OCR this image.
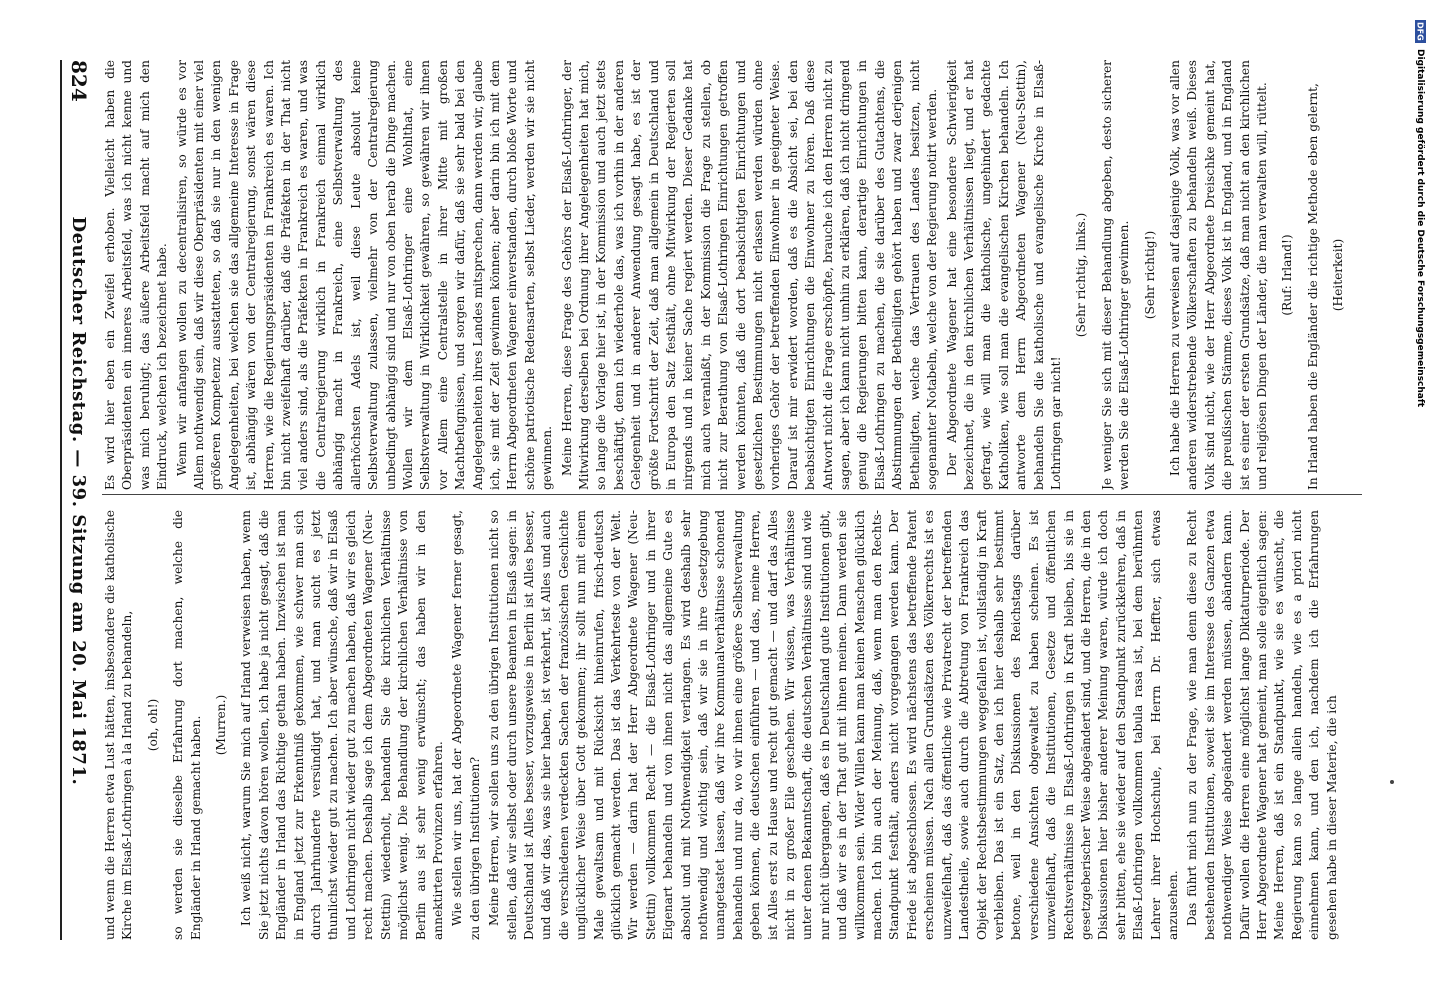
824
Deutscher Reichstag. — 39. Sitzung am 20. Mai 1871. Es wird hier eben ein Zweifel erhoben. Vielleicht haben die Oberpräsidenten ein inneres Arbeitsfeld, was ich nicht kenne und was mich beruhigt; das äußere Arbeitsfeld macht auf mich den Eindruck, welchen ich bezeichnet habe. Wenn wir anfangen wollen zu decentralisiren, so würde es vor Allem nothwendig sein, daß wir diese Oberpräsidenten mit einer viel größeren Kompetenz ausstatteten, so daß sie nur in den wenigen Angelegenheiten, bei welchen sie das allgemeine Interesse in Frage ist, abhängig wären von der Centralregierung, sonst wären diese Herren, wie die Regierungspräsidenten in Frankreich es waren. Ich bin nicht zweifelhaft darüber, daß die Präfekten in der That nicht viel anders sind, als die Präfekten in Frankreich es waren, und was die Centralregierung wirklich in Frankreich einmal wirklich abhängig macht in Frankreich, eine Selbstverwaltung des allerhöchsten Adels ist, weil diese Leute absolut keine Selbstverwaltung zulassen, vielmehr von der Centralregierung unbedingt abhängig sind und nur von oben herab die Dinge machen. Wollen wir dem Elsaß-Lothringer eine Wohlthat, eine Selbstverwaltung in Wirklichkeit gewähren, so gewähren wir ihnen vor Allem eine Centralstelle in ihrer Mitte mit großen Machtbefugnissen, und sorgen wir dafür, daß sie sehr bald bei den Angelegenheiten ihres Landes mitsprechen, dann werden wir, glaube ich, sie mit der Zeit gewinnen können; aber darin bin ich mit dem Herrn Abgeordneten Wagener einverstanden, durch bloße Worte und schöne patriotische Redensarten, selbst Lieder, werden wir sie nicht gewinnen. Meine Herren, diese Frage des Gehörs der Elsaß-Lothringer, der Mitwirkung derselben bei Ordnung ihrer Angelegenheiten hat mich, so lange die Vorlage hier ist, in der Kommission und auch jetzt stets beschäftigt, denn ich wiederhole das, was ich vorhin in der anderen Gelegenheit und in anderer Anwendung gesagt habe, es ist der größte Fortschritt der Zeit, daß man allgemein in Deutschland und in Europa den Satz festhält, ohne Mitwirkung der Regierten soll nirgends und in keiner Sache regiert werden. Dieser Gedanke hat mich auch veranlaßt, in der Kommission die Frage zu stellen, ob nicht zur Berathung von Elsaß-Lothringen Einrichtungen getroffen werden könnten, daß die dort beabsichtigten Einrichtungen und gesetzlichen Bestimmungen nicht erlassen werden würden ohne vorheriges Gehör der betreffenden Einwohner in geeigneter Weise. Darauf ist mir erwidert worden, daß es die Absicht sei, bei den beabsichtigten Einrichtungen die Einwohner zu hören. Daß diese Antwort nicht die Frage erschöpfte, brauche ich den Herren nicht zu sagen, aber ich kann nicht umhin zu erklären, daß ich nicht dringend genug die Regierungen bitten kann, derartige Einrichtungen in Elsaß-Lothringen zu machen, die sie darüber des Gutachtens, die Abstimmungen der Betheiligten gehört haben und zwar derjenigen Betheiligten, welche das Vertrauen des Landes besitzen, nicht sogenannter Notabeln, welche von der Regierung notirt werden. Der Abgeordnete Wagener hat eine besondere Schwierigkeit bezeichnet, die in den kirchlichen Verhältnissen liegt, und er hat gefragt, wie will man die katholische, ungehindert gedachte Katholiken, wie soll man die evangelischen Kirchen behandeln. Ich antworte dem Herrn Abgeordneten Wagener (Neu-Stettin), behandeln Sie die katholische und evangelische Kirche in Elsaß-Lothringen gar nicht!

(Sehr richtig, links.) Je weniger Sie sich mit dieser Behandlung abgeben, desto sicherer werden Sie die Elsaß-Lothringer gewinnen. (Sehr richtig!) Ich habe die Herren zu verweisen auf dasjenige Volk, was vor allen anderen widerstrebende Völkerschaften zu behandeln weiß. Dieses Volk sind nicht, wie der Herr Abgeordnete Dreischke gemeint hat, die preußischen Stämme, dieses Volk ist in England, und in England ist es einer der ersten Grundsätze, daß man nicht an den kirchlichen und religiösen Dingen der Länder, die man verwalten will, rüttelt. (Ruf: Irland!) In Irland haben die Engländer die richtige Methode eben gelernt, (Heiterkeit)

und wenn die Herren etwa Lust hätten, insbesondere die katholische Kirche im Elsaß-Lothringen à la Irland zu behandeln, (oh, oh!) so werden sie dieselbe Erfahrung dort machen, welche die Engländer in Irland gemacht haben. (Murren.) Ich weiß nicht, warum Sie mich auf Irland verweisen haben, wenn Sie jetzt nichts davon hören wollen, ich habe ja nicht gesagt, daß die Engländer in Irland das Richtige gethan haben. Inzwischen ist man in England jetzt zur Erkenntniß gekommen, wie schwer man sich durch Jahrhunderte versündigt hat, und man sucht es jetzt thunlichst wieder gut zu machen. Ich aber wünsche, daß wir in Elsaß und Lothringen nicht wieder gut zu machen haben, daß wir es gleich recht machen. Deshalb sage ich dem Abgeordneten Wagener (Neu-Stettin) wiederholt, behandeln Sie die kirchlichen Verhältnisse möglichst wenig. Die Behandlung der kirchlichen Verhältnisse von Berlin aus ist sehr wenig erwünscht; das haben wir in den annektirten Provinzen erfahren. Wie stellen wir uns, hat der Abgeordnete Wagener ferner gesagt, zu den übrigen Institutionen? Meine Herren, wir sollen uns zu den übrigen Institutionen nicht so stellen, daß wir selbst oder durch unsere Beamten in Elsaß sagen: in Deutschland ist Alles besser, vorzugsweise in Berlin ist Alles besser, und daß wir das, was sie hier haben, ist verkehrt, ist Alles und auch die verschiedenen verdeckten Sachen der französischen Geschichte unglücklicher Weise über Gott gekommen; ihr sollt nun mit einem Male gewaltsam und mit Rücksicht hineinrufen, frisch-deutsch glücklich gemacht werden. Das ist das Verkehrteste von der Welt. Wir werden — darin hat der Herr Abgeordnete Wagener (Neu-Stettin) vollkommen Recht — die Elsaß-Lothringer und in ihrer Eigenart behandeln und von ihnen nicht das allgemeine Gute es absolut und mit Nothwendigkeit verlangen. Es wird deshalb sehr nothwendig und wichtig sein, daß wir sie in ihre Gesetzgebung unangetastet lassen, daß wir ihre Kommunalverhältnisse schonend behandeln und nur da, wo wir ihnen eine größere Selbstverwaltung geben können, die deutschen einführen — und das, meine Herren, ist Alles erst zu Hause und recht gut gemacht — und darf das Alles nicht in zu großer Eile geschehen. Wir wissen, was Verhältnisse unter denen Bekanntschaft, die deutschen Verhältnisse sind und wie nur nicht übergangen, daß es in Deutschland gute Institutionen gibt, und daß wir es in der That gut mit ihnen meinen. Dann werden sie willkommen sein. Wider Willen kann man keinen Menschen glücklich machen. Ich bin auch der Meinung, daß, wenn man den Rechts-Standpunkt festhält, anders nicht vorgegangen werden kann. Der Friede ist abgeschlossen. Es wird nächstens das betreffende Patent erscheinen müssen. Nach allen Grundsätzen des Völkerrechts ist es unzweifelhaft, daß das öffentliche wie Privatrecht der betreffenden Landestheile, sowie auch durch die Abtretung von Frankreich das Objekt der Rechtsbestimmungen weggefallen ist, vollständig in Kraft verbleiben. Das ist ein Satz, den ich hier deshalb sehr bestimmt betone, weil in den Diskussionen des Reichstags darüber verschiedene Ansichten obgewaltet zu haben scheinen. Es ist unzweifelhaft, daß die Institutionen, Gesetze und öffentlichen Rechtsverhältnisse in Elsaß-Lothringen in Kraft bleiben, bis sie in gesetzgeberischer Weise abgeändert sind, und die Herren, die in den Diskussionen hier bisher anderer Meinung waren, würde ich doch sehr bitten, ehe sie wieder auf den Standpunkt zurückkehren, daß in Elsaß-Lothringen vollkommen tabula rasa ist, bei dem berühmten Lehrer ihrer Hochschule, bei Herrn Dr. Heffter, sich etwas anzusehen. Das führt mich nun zu der Frage, wie man denn diese zu Recht bestehenden Institutionen, soweit sie im Interesse des Ganzen etwa nothwendiger Weise abgeändert werden müssen, abändern kann. Dafür wollen die Herren eine möglichst lange Diktaturperiode. Der Herr Abgeordnete Wagener hat gemeint, man solle eigentlich sagen: Meine Herren, daß ist ein Standpunkt, wie sie es wünscht, die Regierung kann so lange allein handeln, wie es a priori nicht einnehmen kann, und den ich, nachdem ich die Erfahrungen gesehen habe in dieser Materie, die ich

DFG
Digitalisierung gefördert durch die Deutsche Forschungsgemeinschaft
